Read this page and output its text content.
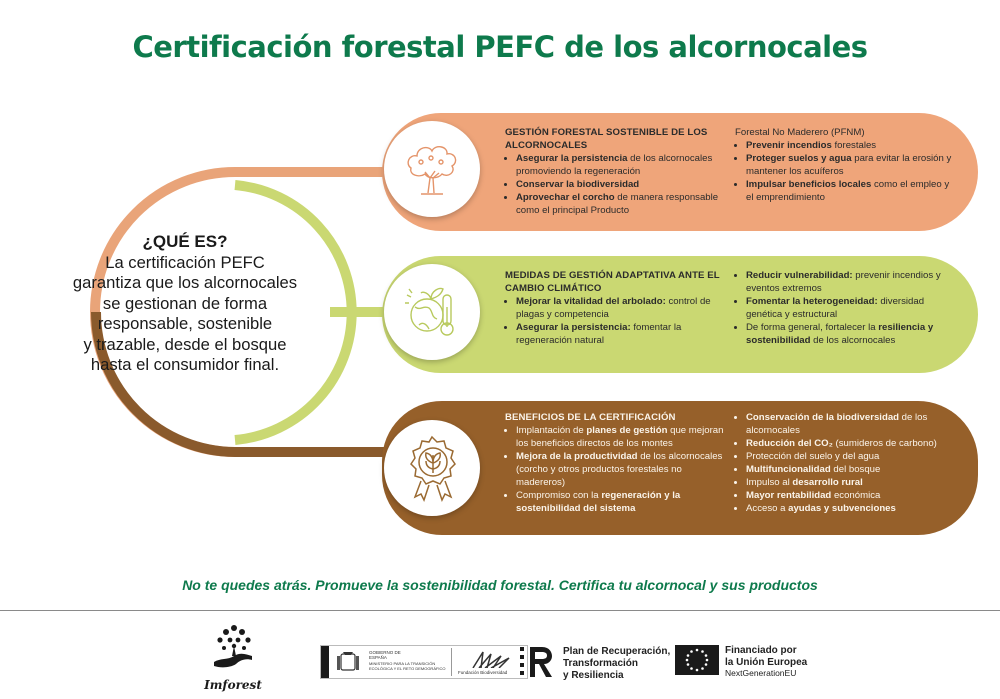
Certificación forestal PEFC de los alcornocales
¿QUÉ ES?
La certificación PEFC
garantiza que los alcornocales
se gestionan de forma
responsable, sostenible
y trazable, desde el bosque
hasta el consumidor final.
GESTIÓN FORESTAL SOSTENIBLE DE LOS ALCORNOCALES
• Asegurar la persistencia de los alcornocales promoviendo la regeneración
• Conservar la biodiversidad
• Aprovechar el corcho de manera responsable como el principal Producto
Forestal No Maderero (PFNM)
• Prevenir incendios forestales
• Proteger suelos y agua para evitar la erosión y mantener los acuíferos
• Impulsar beneficios locales como el empleo y el emprendimiento
MEDIDAS DE GESTIÓN ADAPTATIVA ANTE EL CAMBIO CLIMÁTICO
• Mejorar la vitalidad del arbolado: control de plagas y competencia
• Asegurar la persistencia: fomentar la regeneración natural
• Reducir vulnerabilidad: prevenir incendios y eventos extremos
• Fomentar la heterogeneidad: diversidad genética y estructural
• De forma general, fortalecer la resiliencia y sostenibilidad de los alcornocales
BENEFICIOS DE LA CERTIFICACIÓN
• Implantación de planes de gestión que mejoran los beneficios directos de los montes
• Mejora de la productividad de los alcornocales (corcho y otros productos forestales no madereros)
• Compromiso con la regeneración y la sostenibilidad del sistema
• Conservación de la biodiversidad de los alcornocales
• Reducción del CO₂ (sumideros de carbono)
• Protección del suelo y del agua
• Multifuncionalidad del bosque
• Impulso al desarrollo rural
• Mayor rentabilidad económica
• Acceso a ayudas y subvenciones
No te quedes atrás. Promueve la sostenibilidad forestal. Certifica tu alcornocal y sus productos
Imforest
GOBIERNO DE ESPAÑA
MINISTERIO PARA LA TRANSICIÓN ECOLÓGICA Y EL RETO DEMOGRÁFICO
Fundación Biodiversidad
Plan de Recuperación,
Transformación
y Resiliencia
Financiado por
la Unión Europea
NextGenerationEU
